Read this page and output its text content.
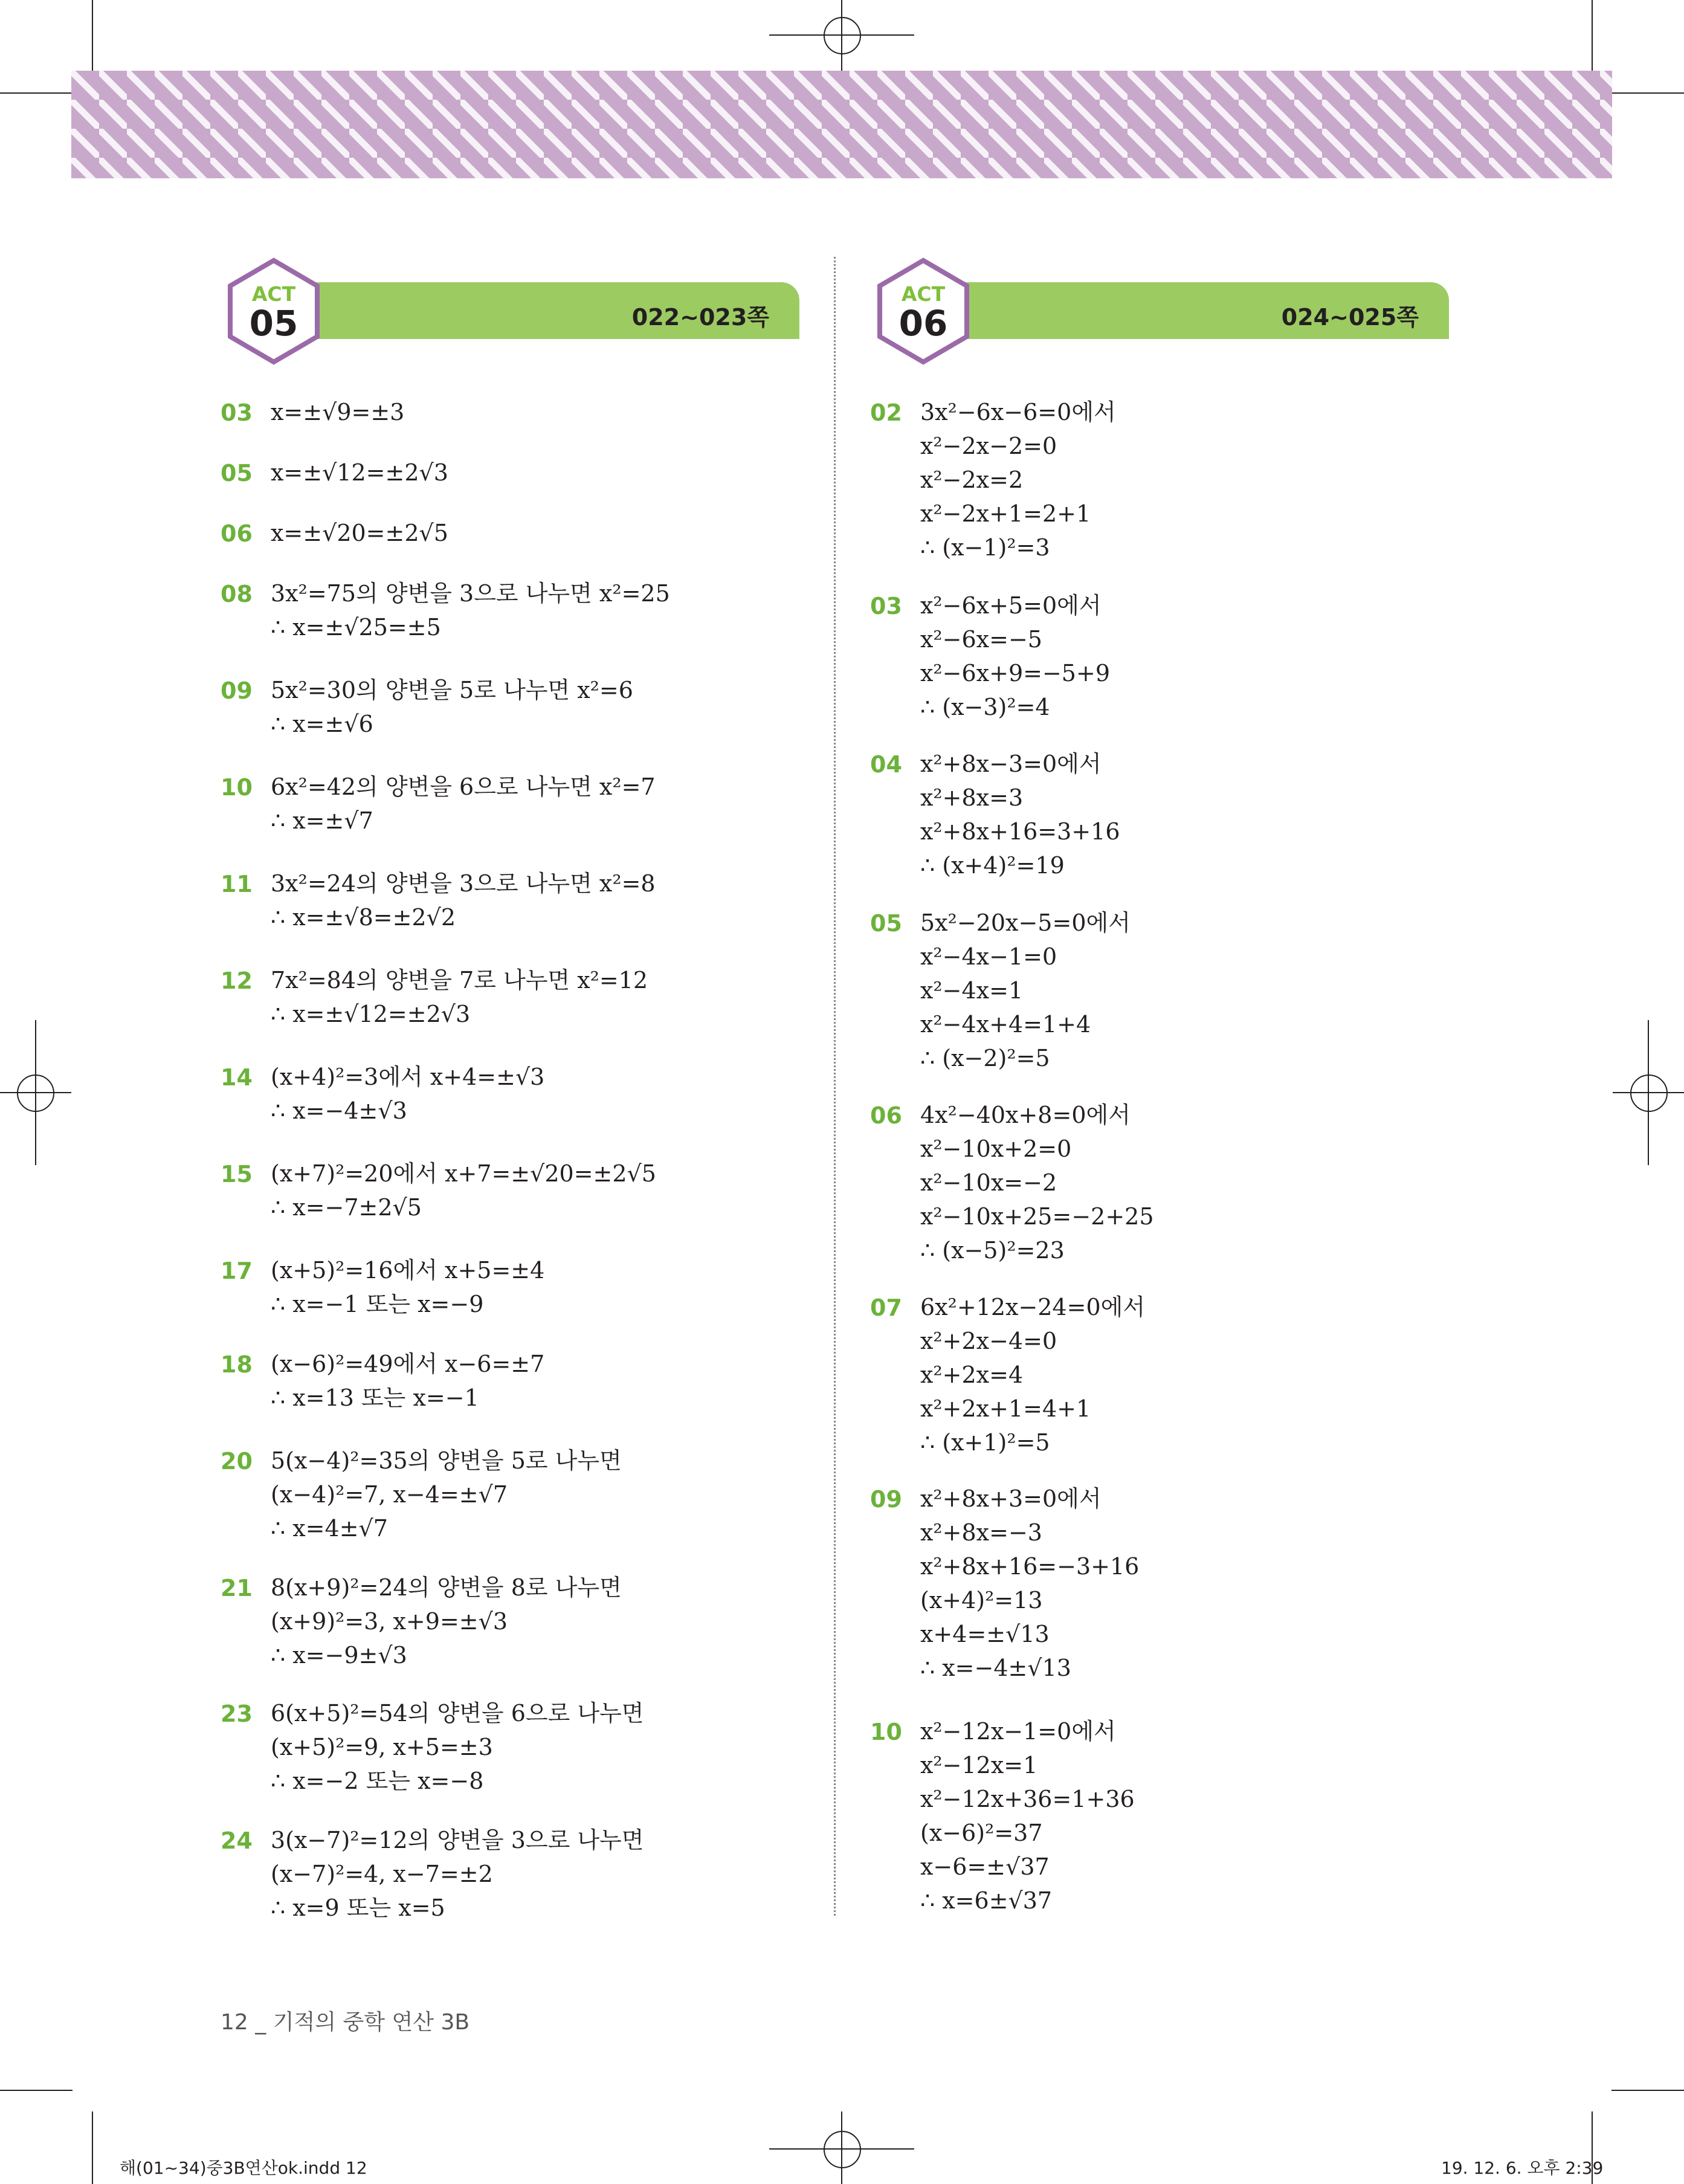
022~023쪽
ACT
05	024~025쪽
ACT
06
12 _ 기적의 중학 연산 3B
해(01~34)중3B연산ok.indd 12	19. 12. 6. 오후 2:39
03 x=±√9=±3
05 x=±√12=±2√3
06 x=±√20=±2√5
08 3x²=75의 양변을 3으로 나누면 x²=25
∴ x=±√25=±5
09 5x²=30의 양변을 5로 나누면 x²=6
∴ x=±√6
10 6x²=42의 양변을 6으로 나누면 x²=7
∴ x=±√7
11 3x²=24의 양변을 3으로 나누면 x²=8
∴ x=±√8=±2√2
12 7x²=84의 양변을 7로 나누면 x²=12
∴ x=±√12=±2√3
14 (x+4)²=3에서 x+4=±√3
∴ x=−4±√3
15 (x+7)²=20에서 x+7=±√20=±2√5
∴ x=−7±2√5
17 (x+5)²=16에서 x+5=±4
∴ x=−1 또는 x=−9
18 (x−6)²=49에서 x−6=±7
∴ x=13 또는 x=−1
20 5(x−4)²=35의 양변을 5로 나누면
(x−4)²=7, x−4=±√7
∴ x=4±√7
21 8(x+9)²=24의 양변을 8로 나누면
(x+9)²=3, x+9=±√3
∴ x=−9±√3
23 6(x+5)²=54의 양변을 6으로 나누면
(x+5)²=9, x+5=±3
∴ x=−2 또는 x=−8
24 3(x−7)²=12의 양변을 3으로 나누면
(x−7)²=4, x−7=±2
∴ x=9 또는 x=5
02 3x²−6x−6=0에서
x²−2x−2=0
x²−2x=2
x²−2x+1=2+1
∴ (x−1)²=3
03 x²−6x+5=0에서
x²−6x=−5
x²−6x+9=−5+9
∴ (x−3)²=4
04 x²+8x−3=0에서
x²+8x=3
x²+8x+16=3+16
∴ (x+4)²=19
05 5x²−20x−5=0에서
x²−4x−1=0
x²−4x=1
x²−4x+4=1+4
∴ (x−2)²=5
06 4x²−40x+8=0에서
x²−10x+2=0
x²−10x=−2
x²−10x+25=−2+25
∴ (x−5)²=23
07 6x²+12x−24=0에서
x²+2x−4=0
x²+2x=4
x²+2x+1=4+1
∴ (x+1)²=5
09 x²+8x+3=0에서
x²+8x=−3
x²+8x+16=−3+16
(x+4)²=13
x+4=±√13
∴ x=−4±√13
10 x²−12x−1=0에서
x²−12x=1
x²−12x+36=1+36
(x−6)²=37
x−6=±√37
∴ x=6±√37
